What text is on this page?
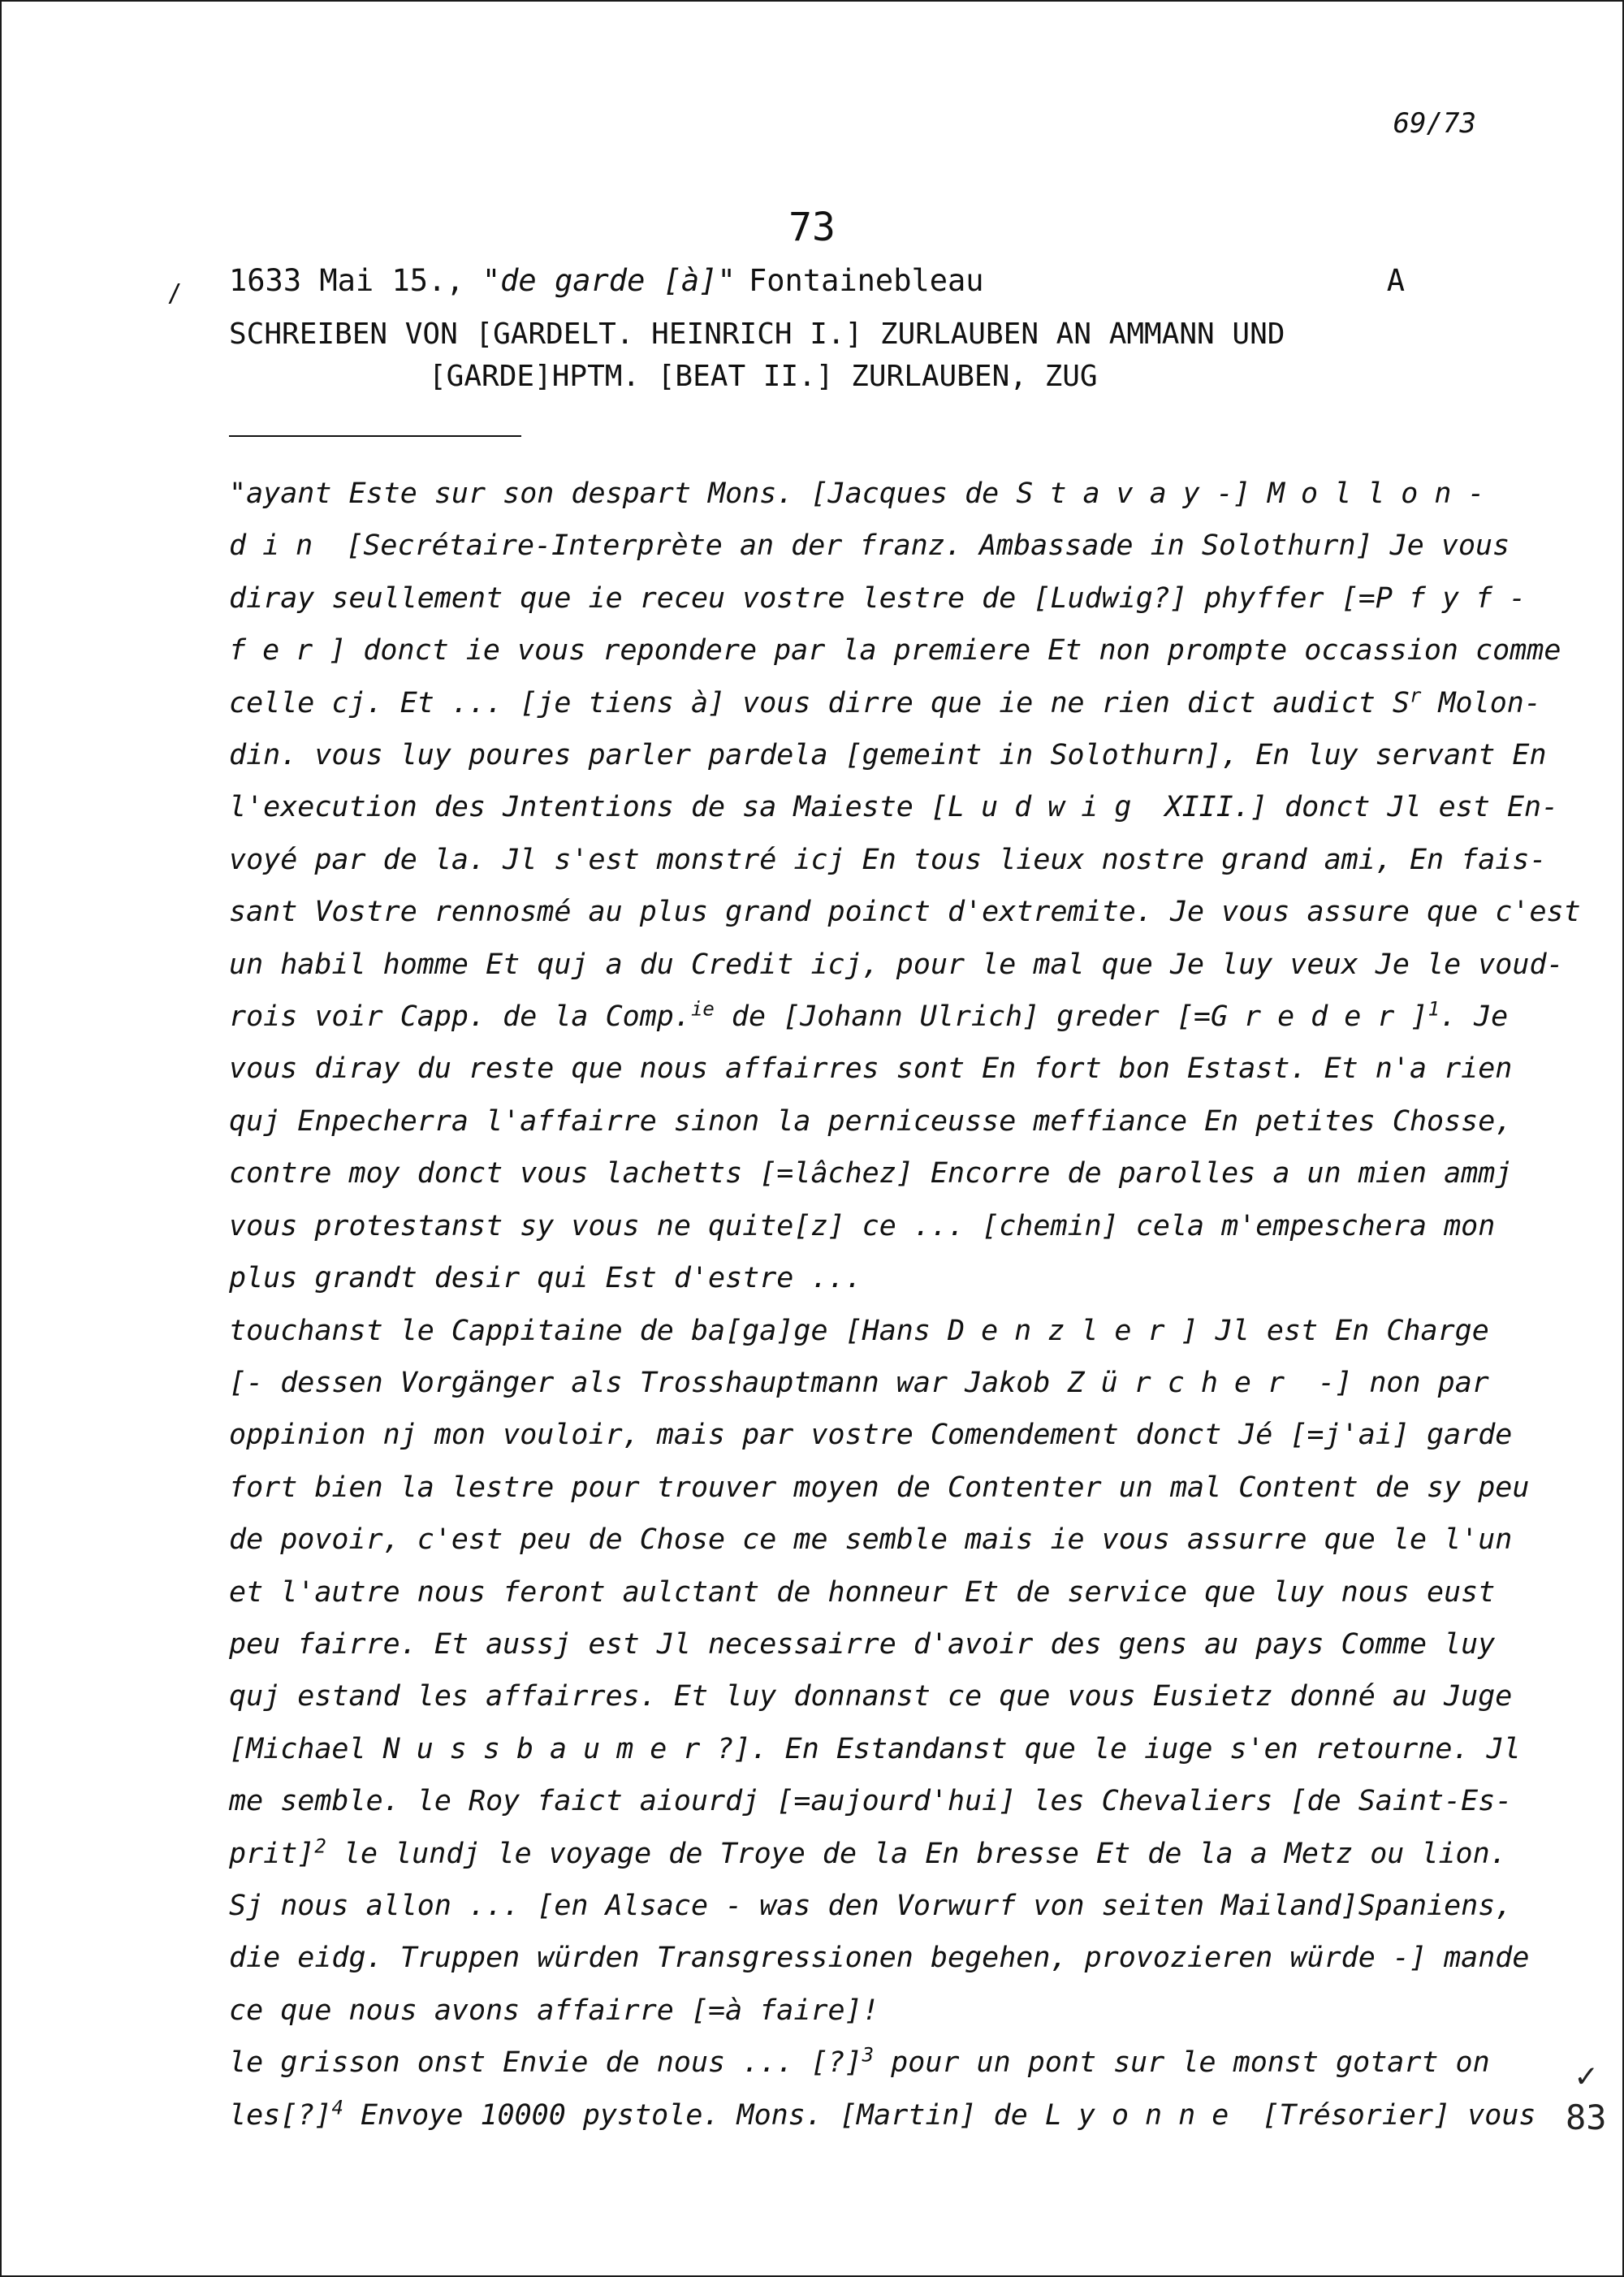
69/73
73
/ 1633 Mai 15., "de garde [à]" Fontainebleau	A
SCHREIBEN VON [GARDELT. HEINRICH I.] ZURLAUBEN AN AMMANN UND
[GARDE]HPTM. [BEAT II.] ZURLAUBEN, ZUG
"ayant Este sur son despart Mons. [Jacques de Stavay-] Mollon-
din [Secrétaire-Interprète an der franz. Ambassade in Solothurn] Je vous
diray seullement que ie receu vostre lestre de [Ludwig?] phyffer [=Pfyf-
fer] donct ie vous repondere par la premiere Et non prompte occassion comme
celle cj. Et ... [je tiens à] vous dirre que ie ne rien dict audict $S^r$ Molon-
din. vous luy poures parler pardela [gemeint in Solothurn], En luy servant En
l'execution des Jntentions de sa Maieste [Ludwig XIII.] donct Jl est En-
voyé par de la. Jl s'est monstré icj En tous lieux nostre grand ami, En fais-
sant Vostre rennosmé au plus grand poinct d'extremite. Je vous assure que c'est
un habil homme Et quj a du Credit icj, pour le mal que Je luy veux Je le voud-
rois voir Capp. de la Comp.$^{ie}$ de [Johann Ulrich] greder [=Greder]$^1$. Je
vous diray du reste que nous affairres sont En fort bon Estast. Et n'a rien
quj Enpecherra l'affairre sinon la perniceusse meffiance En petites Chosse,
contre moy donct vous lachetts [=lâchez] Encorre de parolles a un mien ammj
vous protestanst sy vous ne quite[z] ce ... [chemin] cela m'empeschera mon
plus grandt desir qui Est d'estre ...
touchanst le Cappitaine de ba[ga]ge [Hans Denzler] Jl est En Charge
[- dessen Vorgänger als Trosshauptmann war Jakob Zürcher -] non par
oppinion nj mon vouloir, mais par vostre Comendement donct Jé [=j'ai] garde
fort bien la lestre pour trouver moyen de Contenter un mal Content de sy peu
de povoir, c'est peu de Chose ce me semble mais ie vous assurre que le l'un
et l'autre nous feront aulctant de honneur Et de service que luy nous eust
peu fairre. Et aussj est Jl necessairre d'avoir des gens au pays Comme luy
quj estand les affairres. Et luy donnanst ce que vous Eusietz donné au Juge
[Michael Nussbaumer?]. En Estandanst que le iuge s'en retourne. Jl
me semble. le Roy faict aiourdj [=aujourd'hui] les Chevaliers [de Saint-Es-
prit]$^2$ le lundj le voyage de Troye de la En bresse Et de la a Metz ou lion.
Sj nous allon ... [en Alsace - was den Vorwurf von seiten Mailand]Spaniens,
die eidg. Truppen würden Transgressionen begehen, provozieren würde -] mande
ce que nous avons affairre [=à faire]!
le grisson onst Envie de nous ... [?]$^3$ pour un pont sur le monst gotart on
les[?]$^4$ Envoye 10000 pystole. Mons. [Martin] de Lyonne [Trésorier] vous
✓
83
